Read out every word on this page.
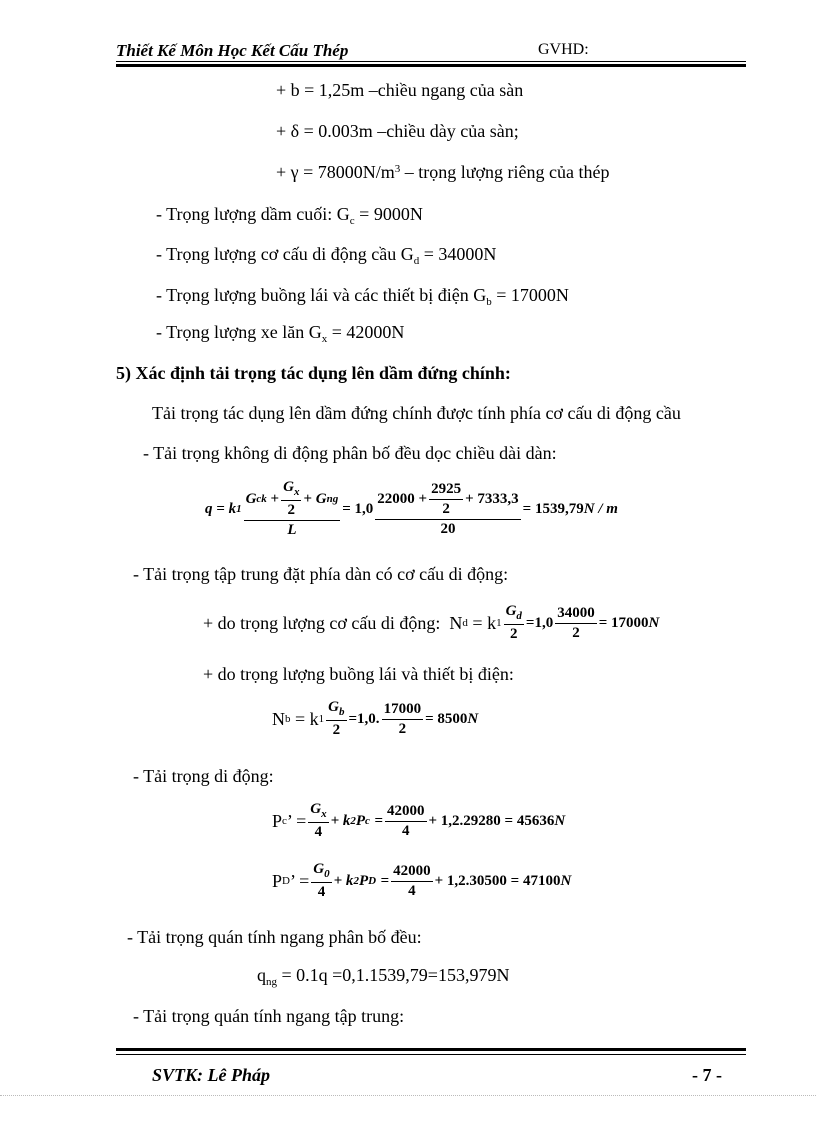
Thiết Kế Môn Học Kết Cấu Thép	GVHD:
+ b = 1,25m –chiều ngang của sàn
+ δ = 0.003m –chiều dày của sàn;
+ $\gamma = 78000N/m^3$ – trọng lượng riêng của thép
- Trọng lượng dầm cuối: $G_c = 9000N$
- Trọng lượng cơ cấu di động cầu $G_d = 34000N$
- Trọng lượng buồng lái và các thiết bị điện $G_b = 17000N$
- Trọng lượng xe lăn $G_x = 42000N$
5) Xác định tải trọng tác dụng lên dầm đứng chính:
Tải trọng tác dụng lên dầm đứng chính được tính phía cơ cấu di động cầu
- Tải trọng không di động phân bố đều dọc chiều dài dàn:
q =
k 1
G ck
+ $\frac{G_x}{2}$ +
G ng
L
=
1,0
$22000 + \frac{2925}{2} + 7333,3$
20
= 1539,79 N / m
- Tải trọng tập trung đặt phía dàn có cơ cấu di động:
+ do trọng lượng cơ cấu di động:
N d
= k $1 \frac{G_d}{2} =1,0 \frac{34000}{2} = 17000$ N
+ do trọng lượng buồng lái và thiết bị điện:
N b
= k $1 \frac{G_b}{2} =1,0$. $\frac{17000}{2} = 8500$ N
- Tải trọng di động:
P c ’ = $\frac{G_x}{4} + k$ 2 P c
= $\frac{42000}{4} + 1,2.29280 = 45636$ N
P D ’ = $\frac{G_0}{4} + k$ 2 P D
= $\frac{42000}{4} + 1,2.30500 = 47100$ N
- Tải trọng quán tính ngang phân bố đều:
$q_{ng} = 0.1q =0,1.1539,79=153,979N$
- Tải trọng quán tính ngang tập trung:
SVTK: Lê Pháp	- 7 -
